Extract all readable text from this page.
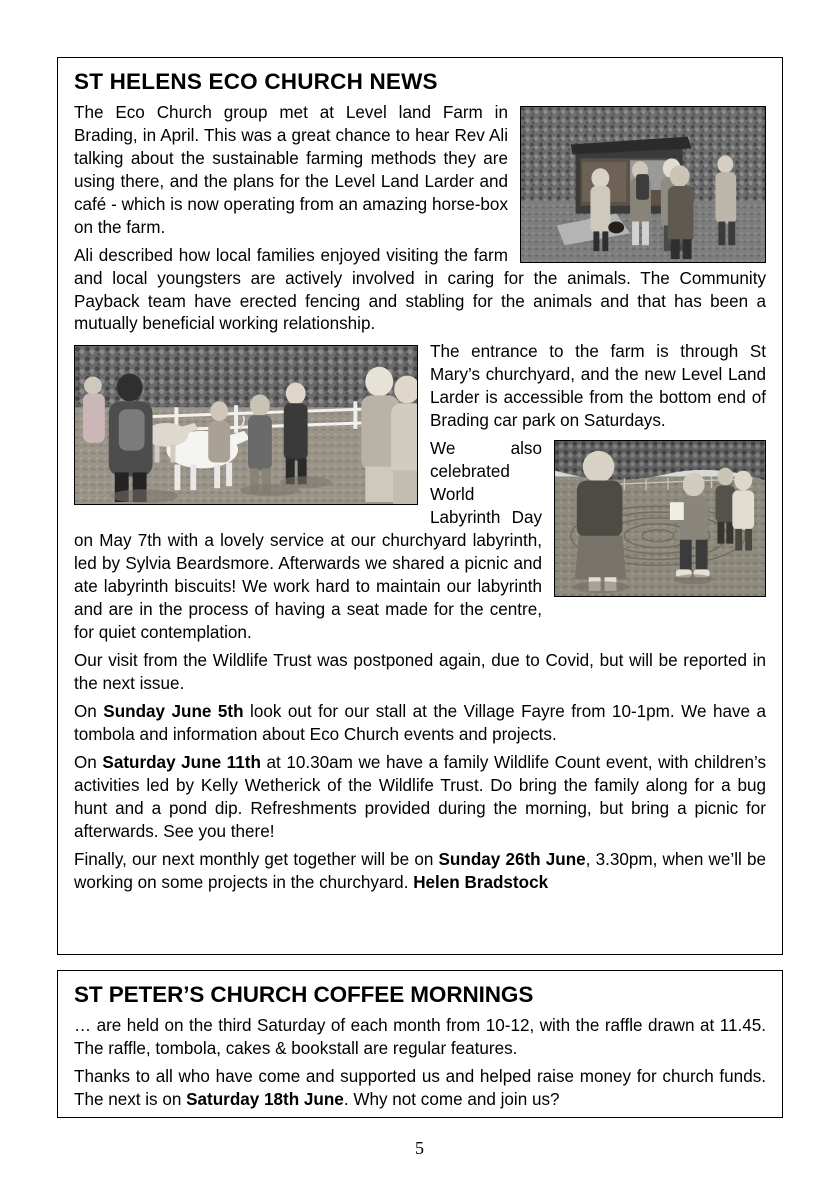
ST HELENS ECO CHURCH NEWS

The Eco Church group met at Level land Farm in Brading, in April. This was a great chance to hear Rev Ali talking about the sustainable farming methods they are using there, and the plans for the Level Land Larder and café - which is now operating from an amazing horse-box on the farm.

Ali described how local families enjoyed visiting the farm and local youngsters are actively involved in caring for the animals. The Community Payback team have erected fencing and stabling for the animals and that has been a mutually beneficial working relationship.

The entrance to the farm is through St Mary’s churchyard, and the new Level Land Larder is accessible from the bottom end of Brading car park on Saturdays.

We also celebrated World Labyrinth Day on May 7th with a lovely service at our churchyard labyrinth, led by Sylvia Beardsmore. Afterwards we shared a picnic and ate labyrinth biscuits! We work hard to maintain our labyrinth and are in the process of having a seat made for the centre, for quiet contemplation.

Our visit from the Wildlife Trust was postponed again, due to Covid, but will be reported in the next issue.

On Sunday June 5th look out for our stall at the Village Fayre from 10-1pm. We have a tombola and information about Eco Church events and projects.

On Saturday June 11th at 10.30am we have a family Wildlife Count event, with children’s activities led by Kelly Wetherick of the Wildlife Trust. Do bring the family along for a bug hunt and a pond dip. Refreshments provided during the morning, but bring a picnic for afterwards. See you there!

Finally, our next monthly get together will be on Sunday 26th June, 3.30pm, when we’ll be working on some projects in the churchyard. Helen Bradstock

ST PETER’S CHURCH COFFEE MORNINGS

… are held on the third Saturday of each month from 10-12, with the raffle drawn at 11.45. The raffle, tombola, cakes & bookstall are regular features.

Thanks to all who have come and supported us and helped raise money for church funds. The next is on Saturday 18th June. Why not come and join us?

5
